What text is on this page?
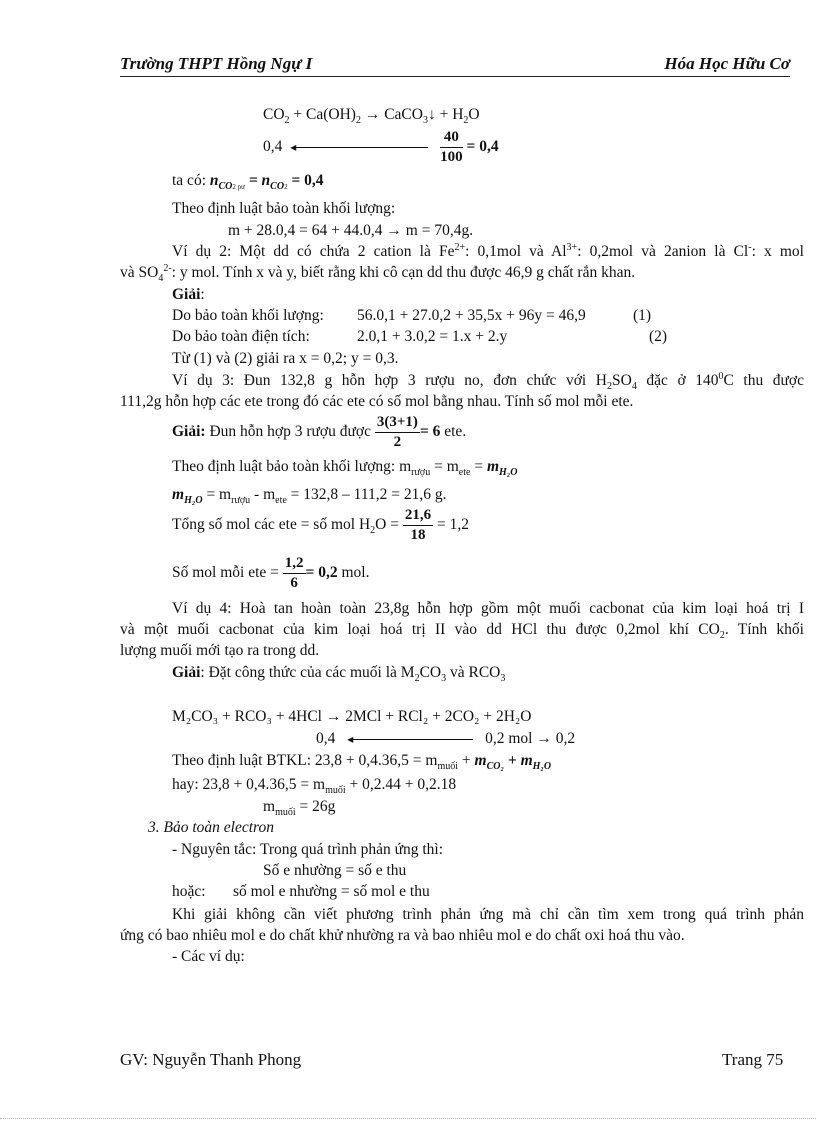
Trường THPT Hồng Ngự I	Hóa Học Hữu Cơ
$CO_2 + Ca(OH)_2$ → CaCO$_3$↓ + $H_2O$
0,4 ◂
	$\frac{40}{100} = 0,4$
ta có: $n_{CO2 pư} = n_{CO2} = 0,4$
Theo định luật bảo toàn khối lượng:
m + 28.0,4 = 64 + 44.0,4 → m = 70,4g.
Ví dụ 2: Một dd có chứa 2 cation là $Fe^{2+}$: 0,1mol và $Al^{3+}$: 0,2mol và 2anion là Cl-: x mol
và $SO_4^{2-}$: y mol. Tính x và y, biết rằng khi cô cạn dd thu được 46,9 g chất rắn khan.
Giải:
Do bảo toàn khối lượng: 56.0,1 + 27.0,2 + 35,5x + 96y = 46,9	(1)
Do bảo toàn điện tích:	2.0,1 + 3.0,2 = 1.x + 2.y	(2)
Từ (1) và (2) giải ra x = 0,2; y = 0,3.
Ví dụ 3: Đun 132,8 g hỗn hợp 3 rượu no, đơn chức với $H_2SO_4$ đặc ở $140^0C$ thu được
111,2g hỗn hợp các ete trong đó các ete có số mol bằng nhau. Tính số mol mỗi ete.
Giải: Đun hỗn hợp 3 rượu được $\frac{3(3+1)}{2} = 6$ ete.
Theo định luật bảo toàn khối lượng: $m_{rượu} = m_{ete} = m_{H_2O}$
$m_{H_2O} = m_{rượu} - m_{ete} = 132,8 - 111,2 = 21,6$ g.
Tổng số mol các ete = số mol $H_2O = \frac{21,6}{18} = 1,2$
Số mol mỗi ete = $\frac{1,2}{6} = 0,2$ mol.
Ví dụ 4: Hoà tan hoàn toàn 23,8g hỗn hợp gồm một muối cacbonat của kim loại hoá trị I
và một muối cacbonat của kim loại hoá trị II vào dd HCl thu được 0,2mol khí $CO_2$. Tính khối
lượng muối mới tạo ra trong dd.
Giải: Đặt công thức của các muối là $M_2CO_3$ và $RCO_3$
M₂CO₃ + RCO₃ + 4HCl → 2MCl + RCl₂ + 2CO₂ + 2H₂O
0,4 ◂	0,2 mol → 0,2
Theo định luật BTKL: $23,8 + 0,4.36,5 = m_{muối} + m_{CO_2} + m_{H_2O}$
hay: $23,8 + 0,4.36,5 = m_{muối} + 0,2.44 + 0,2.18$
$m_{muối} = 26g$
3. Bảo toàn electron
- Nguyên tắc: Trong quá trình phản ứng thì:
Số e nhường = số e thu
hoặc: số mol e nhường = số mol e thu
Khi giải không cần viết phương trình phản ứng mà chỉ cần tìm xem trong quá trình phản
ứng có bao nhiêu mol e do chất khử nhường ra và bao nhiêu mol e do chất oxi hoá thu vào.
- Các ví dụ:
GV: Nguyễn Thanh Phong	Trang 75
